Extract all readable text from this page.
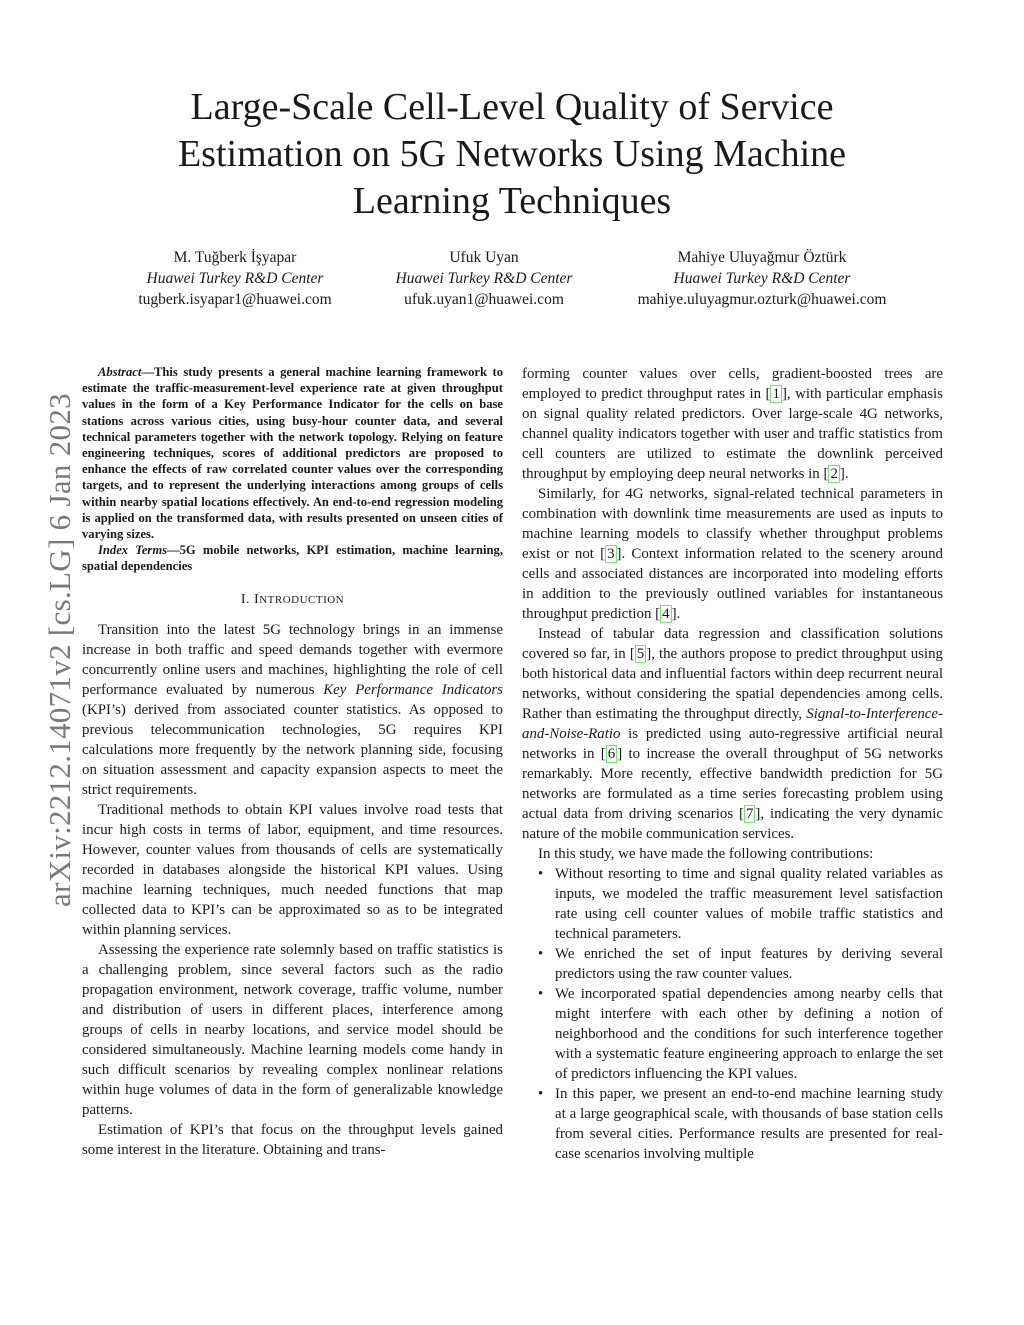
Large-Scale Cell-Level Quality of Service
Estimation on 5G Networks Using Machine
Learning Techniques
M. Tuğberk İşyapar
Huawei Turkey R&D Center
tugberk.isyapar1@huawei.com
Ufuk Uyan
Huawei Turkey R&D Center
ufuk.uyan1@huawei.com
Mahiye Uluyağmur Öztürk
Huawei Turkey R&D Center
mahiye.uluyagmur.ozturk@huawei.com
arXiv:2212.14071v2 [cs.LG] 6 Jan 2023

Abstract—This study presents a general machine learning framework to estimate the traffic-measurement-level experience rate at given throughput values in the form of a Key Performance Indicator for the cells on base stations across various cities, using busy-hour counter data, and several technical parameters together with the network topology. Relying on feature engineering techniques, scores of additional predictors are proposed to enhance the effects of raw correlated counter values over the corresponding targets, and to represent the underlying interactions among groups of cells within nearby spatial locations effectively. An end-to-end regression modeling is applied on the transformed data, with results presented on unseen cities of varying sizes.

Index Terms—5G mobile networks, KPI estimation, machine learning, spatial dependencies

I. INTRODUCTION

Transition into the latest 5G technology brings in an immense increase in both traffic and speed demands together with evermore concurrently online users and machines, highlighting the role of cell performance evaluated by numerous Key Performance Indicators (KPI’s) derived from associated counter statistics. As opposed to previous telecommunication technologies, 5G requires KPI calculations more frequently by the network planning side, focusing on situation assessment and capacity expansion aspects to meet the strict requirements.

Traditional methods to obtain KPI values involve road tests that incur high costs in terms of labor, equipment, and time resources. However, counter values from thousands of cells are systematically recorded in databases alongside the historical KPI values. Using machine learning techniques, much needed functions that map collected data to KPI’s can be approximated so as to be integrated within planning services.

Assessing the experience rate solemnly based on traffic statistics is a challenging problem, since several factors such as the radio propagation environment, network coverage, traffic volume, number and distribution of users in different places, interference among groups of cells in nearby locations, and service model should be considered simultaneously. Machine learning models come handy in such difficult scenarios by revealing complex nonlinear relations within huge volumes of data in the form of generalizable knowledge patterns.

Estimation of KPI’s that focus on the throughput levels gained some interest in the literature. Obtaining and trans-

forming counter values over cells, gradient-boosted trees are employed to predict throughput rates in [ 1 ], with particular emphasis on signal quality related predictors. Over large-scale 4G networks, channel quality indicators together with user and traffic statistics from cell counters are utilized to estimate the downlink perceived throughput by employing deep neural networks in [ 2 ].

Similarly, for 4G networks, signal-related technical parameters in combination with downlink time measurements are used as inputs to machine learning models to classify whether throughput problems exist or not [ 3 ]. Context information related to the scenery around cells and associated distances are incorporated into modeling efforts in addition to the previously outlined variables for instantaneous throughput prediction [ 4 ].

Instead of tabular data regression and classification solutions covered so far, in [ 5 ], the authors propose to predict throughput using both historical data and influential factors within deep recurrent neural networks, without considering the spatial dependencies among cells. Rather than estimating the throughput directly, Signal-to-Interference-and-Noise-Ratio is predicted using auto-regressive artificial neural networks in [ 6 ] to increase the overall throughput of 5G networks remarkably. More recently, effective bandwidth prediction for 5G networks are formulated as a time series forecasting problem using actual data from driving scenarios [ 7 ], indicating the very dynamic nature of the mobile communication services.

In this study, we have made the following contributions:

• Without resorting to time and signal quality related variables as inputs, we modeled the traffic measurement level satisfaction rate using cell counter values of mobile traffic statistics and technical parameters.
• We enriched the set of input features by deriving several predictors using the raw counter values.
• We incorporated spatial dependencies among nearby cells that might interfere with each other by defining a notion of neighborhood and the conditions for such interference together with a systematic feature engineering approach to enlarge the set of predictors influencing the KPI values.
• In this paper, we present an end-to-end machine learning study at a large geographical scale, with thousands of base station cells from several cities. Performance results are presented for real-case scenarios involving multiple
